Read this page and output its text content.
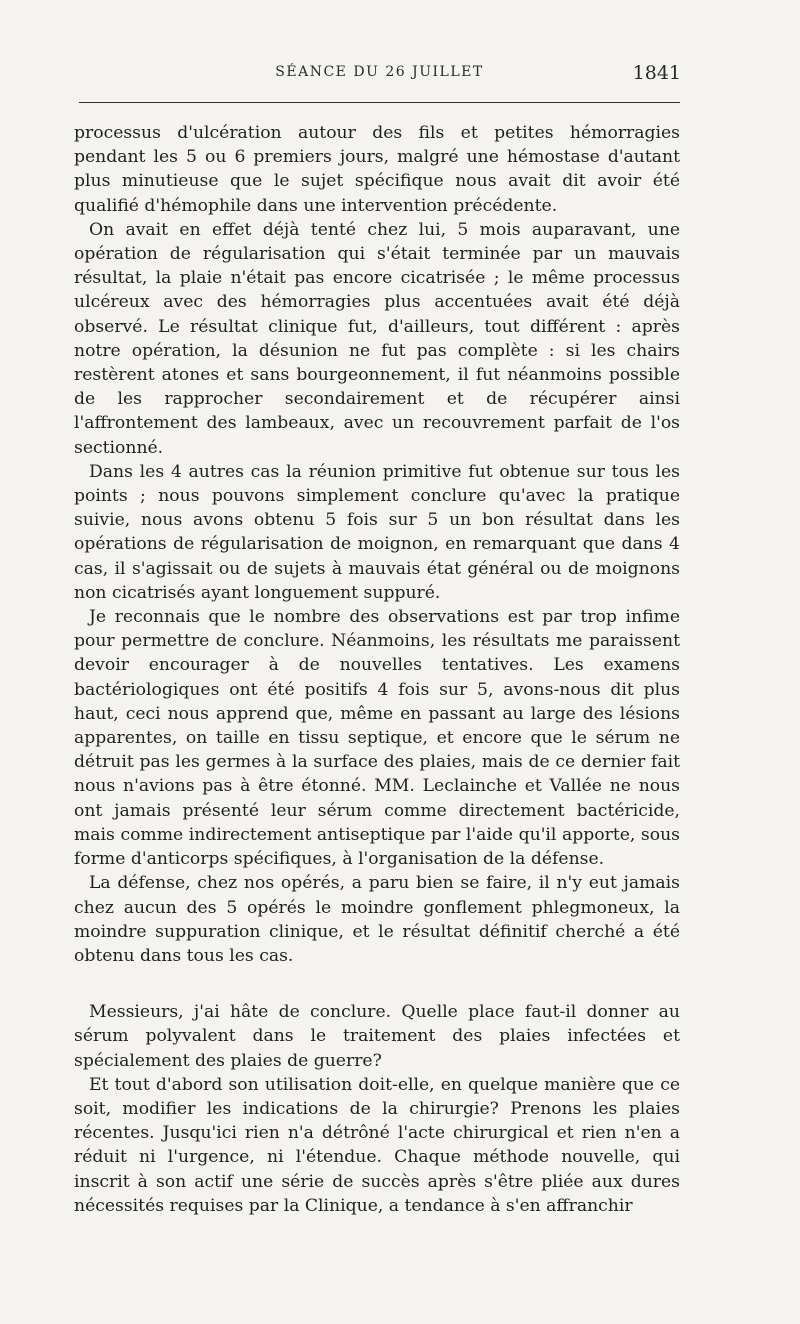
SÉANCE DU 26 JUILLET	1841

processus d'ulcération autour des fils et petites hémorragies pendant les 5 ou 6 premiers jours, malgré une hémostase d'autant plus minutieuse que le sujet spécifique nous avait dit avoir été qualifié d'hémophile dans une intervention précédente.

On avait en effet déjà tenté chez lui, 5 mois auparavant, une opération de régularisation qui s'était terminée par un mauvais résultat, la plaie n'était pas encore cicatrisée ; le même processus ulcéreux avec des hémorragies plus accentuées avait été déjà observé. Le résultat clinique fut, d'ailleurs, tout différent : après notre opération, la désunion ne fut pas complète : si les chairs restèrent atones et sans bourgeonnement, il fut néanmoins possible de les rapprocher secondairement et de récupérer ainsi l'affrontement des lambeaux, avec un recouvrement parfait de l'os sectionné.

Dans les 4 autres cas la réunion primitive fut obtenue sur tous les points ; nous pouvons simplement conclure qu'avec la pratique suivie, nous avons obtenu 5 fois sur 5 un bon résultat dans les opérations de régularisation de moignon, en remarquant que dans 4 cas, il s'agissait ou de sujets à mauvais état général ou de moignons non cicatrisés ayant longuement suppuré.

Je reconnais que le nombre des observations est par trop infime pour permettre de conclure. Néanmoins, les résultats me paraissent devoir encourager à de nouvelles tentatives. Les examens bactériologiques ont été positifs 4 fois sur 5, avons-nous dit plus haut, ceci nous apprend que, même en passant au large des lésions apparentes, on taille en tissu septique, et encore que le sérum ne détruit pas les germes à la surface des plaies, mais de ce dernier fait nous n'avions pas à être étonné. MM. Leclainche et Vallée ne nous ont jamais présenté leur sérum comme directement bactéricide, mais comme indirectement antiseptique par l'aide qu'il apporte, sous forme d'anticorps spécifiques, à l'organisation de la défense.

La défense, chez nos opérés, a paru bien se faire, il n'y eut jamais chez aucun des 5 opérés le moindre gonflement phlegmoneux, la moindre suppuration clinique, et le résultat définitif cherché a été obtenu dans tous les cas.

Messieurs, j'ai hâte de conclure. Quelle place faut-il donner au sérum polyvalent dans le traitement des plaies infectées et spécialement des plaies de guerre?

Et tout d'abord son utilisation doit-elle, en quelque manière que ce soit, modifier les indications de la chirurgie? Prenons les plaies récentes. Jusqu'ici rien n'a détrôné l'acte chirurgical et rien n'en a réduit ni l'urgence, ni l'étendue. Chaque méthode nouvelle, qui inscrit à son actif une série de succès après s'être pliée aux dures nécessités requises par la Clinique, a tendance à s'en affranchir
